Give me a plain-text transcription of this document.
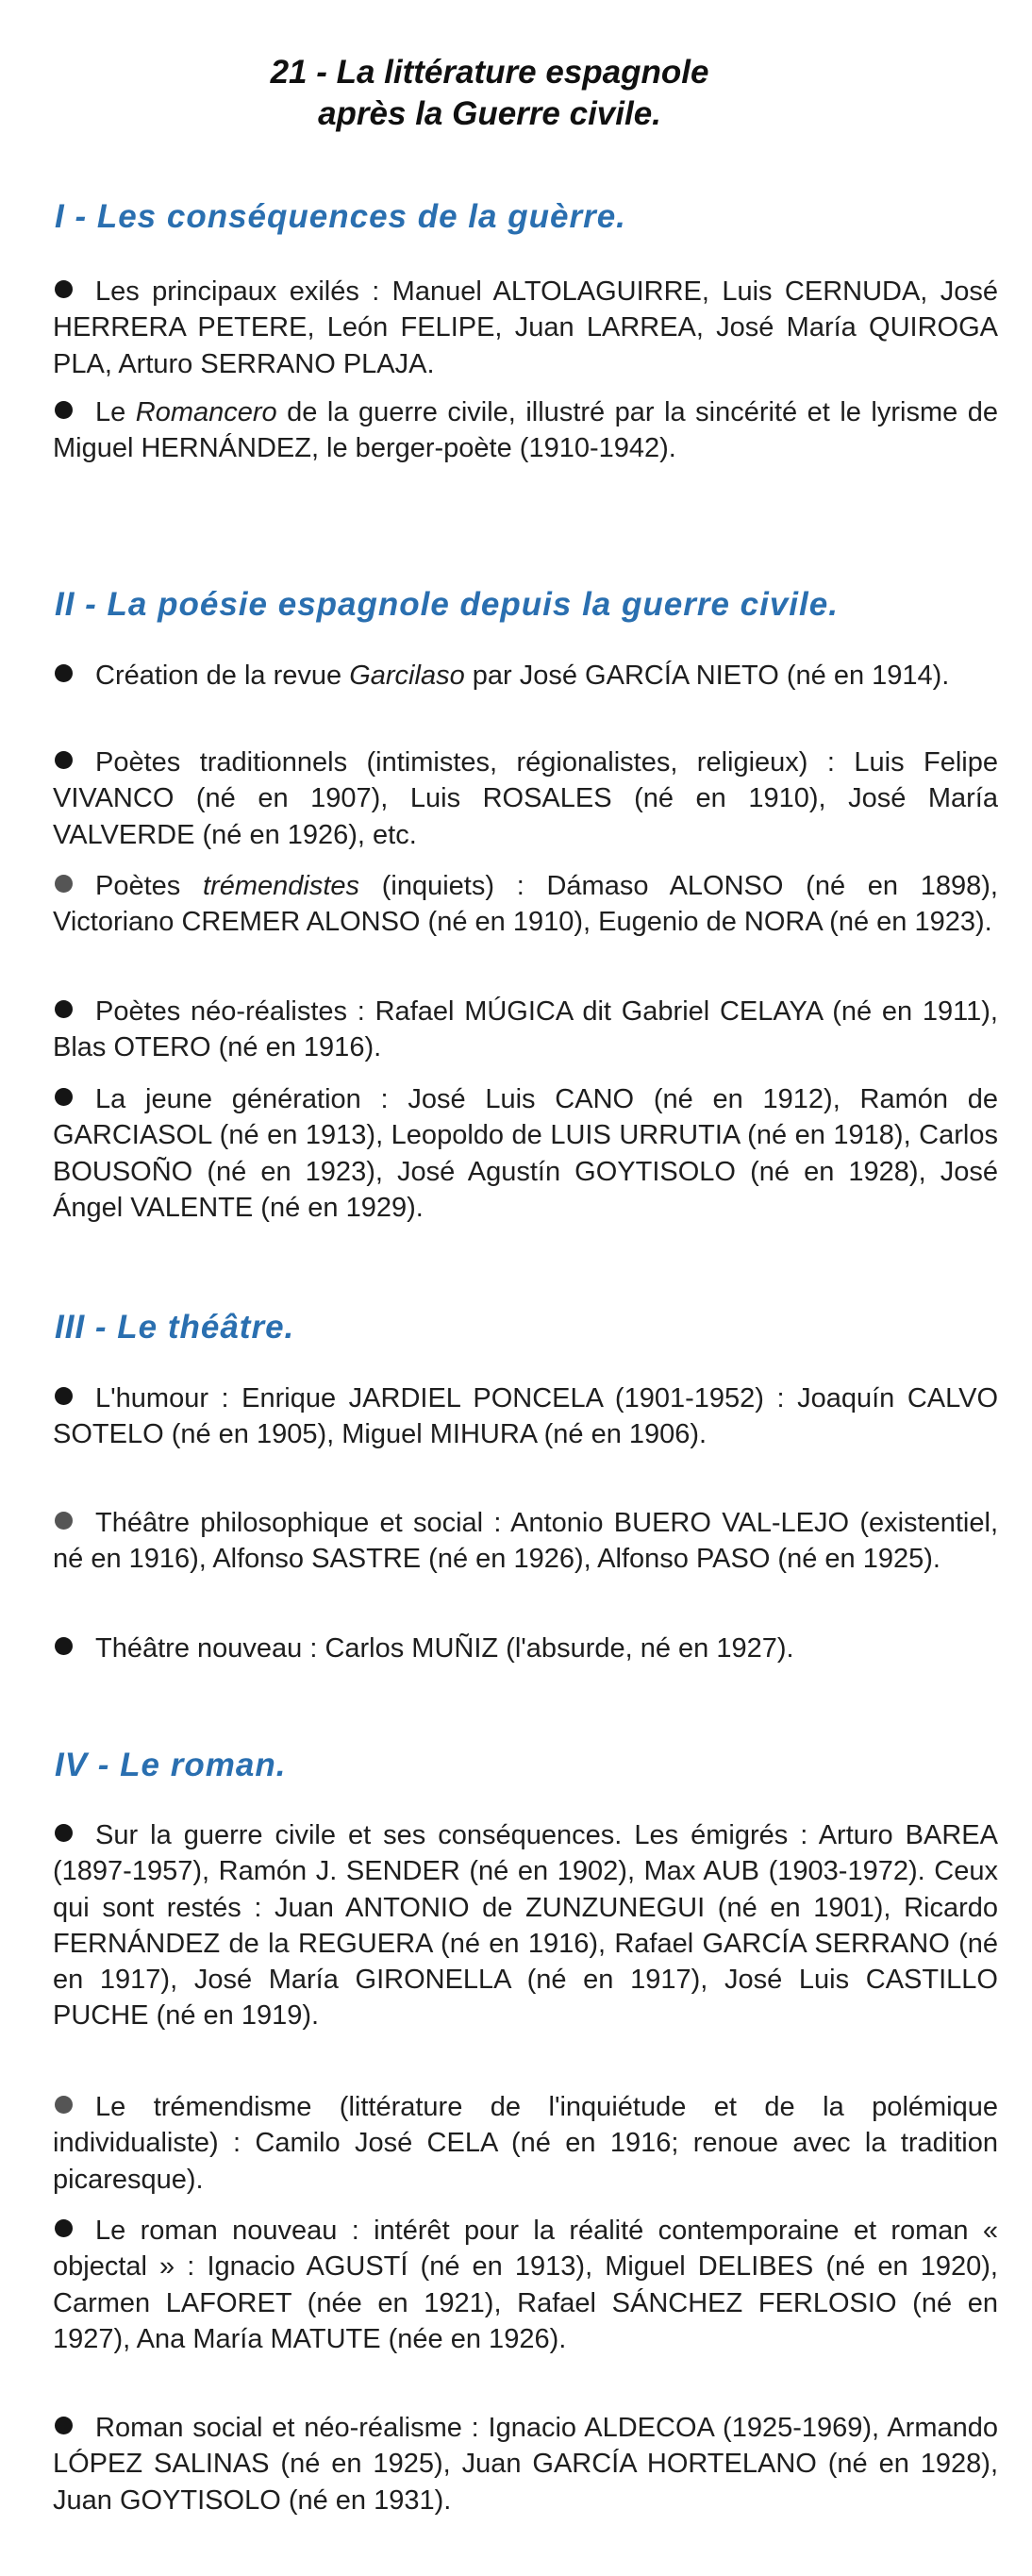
21 - La littérature espagnole
après la Guerre civile.
I - Les conséquences de la guèrre.

Les principaux exilés : Manuel ALTOLAGUIRRE, Luis CERNUDA, José HERRERA PETERE, León FELIPE, Juan LARREA, José María QUIROGA PLA, Arturo SERRANO PLAJA.

Le Romancero de la guerre civile, illustré par la sincérité et le lyrisme de Miguel HERNÁNDEZ, le berger-poète (1910-1942).

II - La poésie espagnole depuis la guerre civile.

Création de la revue Garcilaso par José GARCÍA NIETO (né en 1914).

Poètes traditionnels (intimistes, régionalistes, religieux) : Luis Felipe VIVANCO (né en 1907), Luis ROSALES (né en 1910), José María VALVERDE (né en 1926), etc.

Poètes trémendistes (inquiets) : Dámaso ALONSO (né en 1898), Victoriano CREMER ALONSO (né en 1910), Eugenio de NORA (né en 1923).

Poètes néo-réalistes : Rafael MÚGICA dit Gabriel CELAYA (né en 1911), Blas OTERO (né en 1916).

La jeune génération : José Luis CANO (né en 1912), Ramón de GARCIASOL (né en 1913), Leopoldo de LUIS URRUTIA (né en 1918), Carlos BOUSOÑO (né en 1923), José Agustín GOYTISOLO (né en 1928), José Ángel VALENTE (né en 1929).

III - Le théâtre.

L'humour : Enrique JARDIEL PONCELA (1901-1952) : Joaquín CALVO SOTELO (né en 1905), Miguel MIHURA (né en 1906).

Théâtre philosophique et social : Antonio BUERO VAL-LEJO (existentiel, né en 1916), Alfonso SASTRE (né en 1926), Alfonso PASO (né en 1925).

Théâtre nouveau : Carlos MUÑIZ (l'absurde, né en 1927).

IV - Le roman.

Sur la guerre civile et ses conséquences. Les émigrés : Arturo BAREA (1897-1957), Ramón J. SENDER (né en 1902), Max AUB (1903-1972). Ceux qui sont restés : Juan ANTONIO de ZUNZUNEGUI (né en 1901), Ricardo FERNÁNDEZ de la REGUERA (né en 1916), Rafael GARCÍA SERRANO (né en 1917), José María GIRONELLA (né en 1917), José Luis CASTILLO PUCHE (né en 1919).

Le trémendisme (littérature de l'inquiétude et de la polémique individualiste) : Camilo José CELA (né en 1916; renoue avec la tradition picaresque).

Le roman nouveau : intérêt pour la réalité contemporaine et roman « objectal » : Ignacio AGUSTÍ (né en 1913), Miguel DELIBES (né en 1920), Carmen LAFORET (née en 1921), Rafael SÁNCHEZ FERLOSIO (né en 1927), Ana María MATUTE (née en 1926).

Roman social et néo-réalisme : Ignacio ALDECOA (1925-1969), Armando LÓPEZ SALINAS (né en 1925), Juan GARCÍA HORTELANO (né en 1928), Juan GOYTISOLO (né en 1931).
